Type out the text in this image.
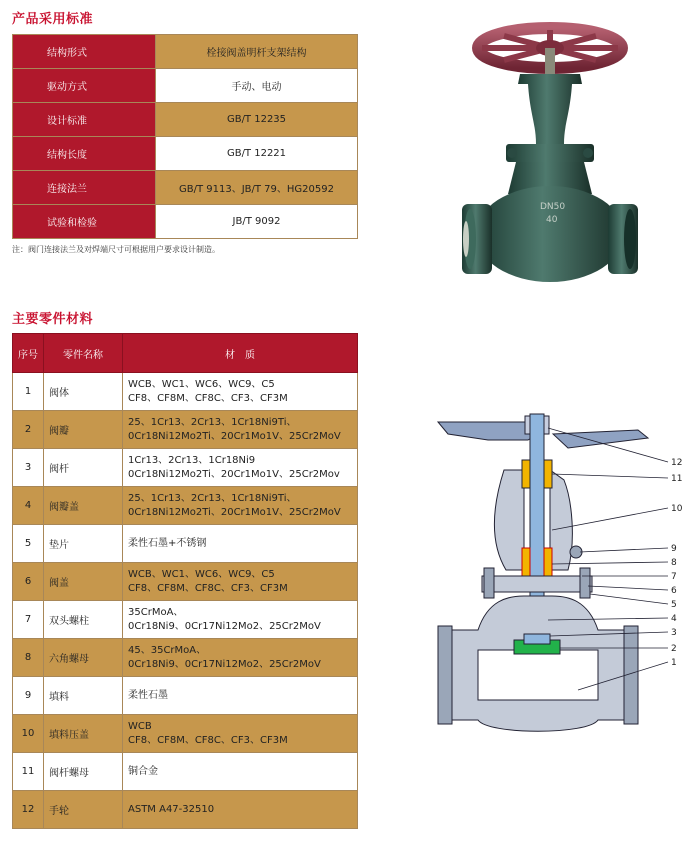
产品采用标准
结构形式	栓接阀盖明杆支架结构
驱动方式	手动、电动
设计标准	GB/T 12235
结构长度	GB/T 12221
连接法兰	GB/T 9113、JB/T 79、HG20592
试验和检验	JB/T 9092
注：阀门连接法兰及对焊端尺寸可根据用户要求设计制造。
主要零件材料
序号	零件名称	材　质
1	阀体	WCB、WC1、WC6、WC9、C5
CF8、CF8M、CF8C、CF3、CF3M

2	阀瓣	25、1Cr13、2Cr13、1Cr18Ni9Ti、
0Cr18Ni12Mo2Ti、20Cr1Mo1V、25Cr2MoV

3	阀杆	1Cr13、2Cr13、1Cr18Ni9
0Cr18Ni12Mo2Ti、20Cr1Mo1V、25Cr2Mov

4	阀瓣盖	25、1Cr13、2Cr13、1Cr18Ni9Ti、
0Cr18Ni12Mo2Ti、20Cr1Mo1V、25Cr2MoV

5	垫片	柔性石墨+不锈钢

6	阀盖	WCB、WC1、WC6、WC9、C5
CF8、CF8M、CF8C、CF3、CF3M

7	双头螺柱	35CrMoA、
0Cr18Ni9、0Cr17Ni12Mo2、25Cr2MoV

8	六角螺母	45、35CrMoA、
0Cr18Ni9、0Cr17Ni12Mo2、25Cr2MoV

9	填料	柔性石墨

10	填料压盖	WCB
CF8、CF8M、CF8C、CF3、CF3M

11	阀杆螺母	铜合金

12	手轮	ASTM A47-32510
DN50
40
12
11
10
9
8
7
6
5
4
3
2
1
